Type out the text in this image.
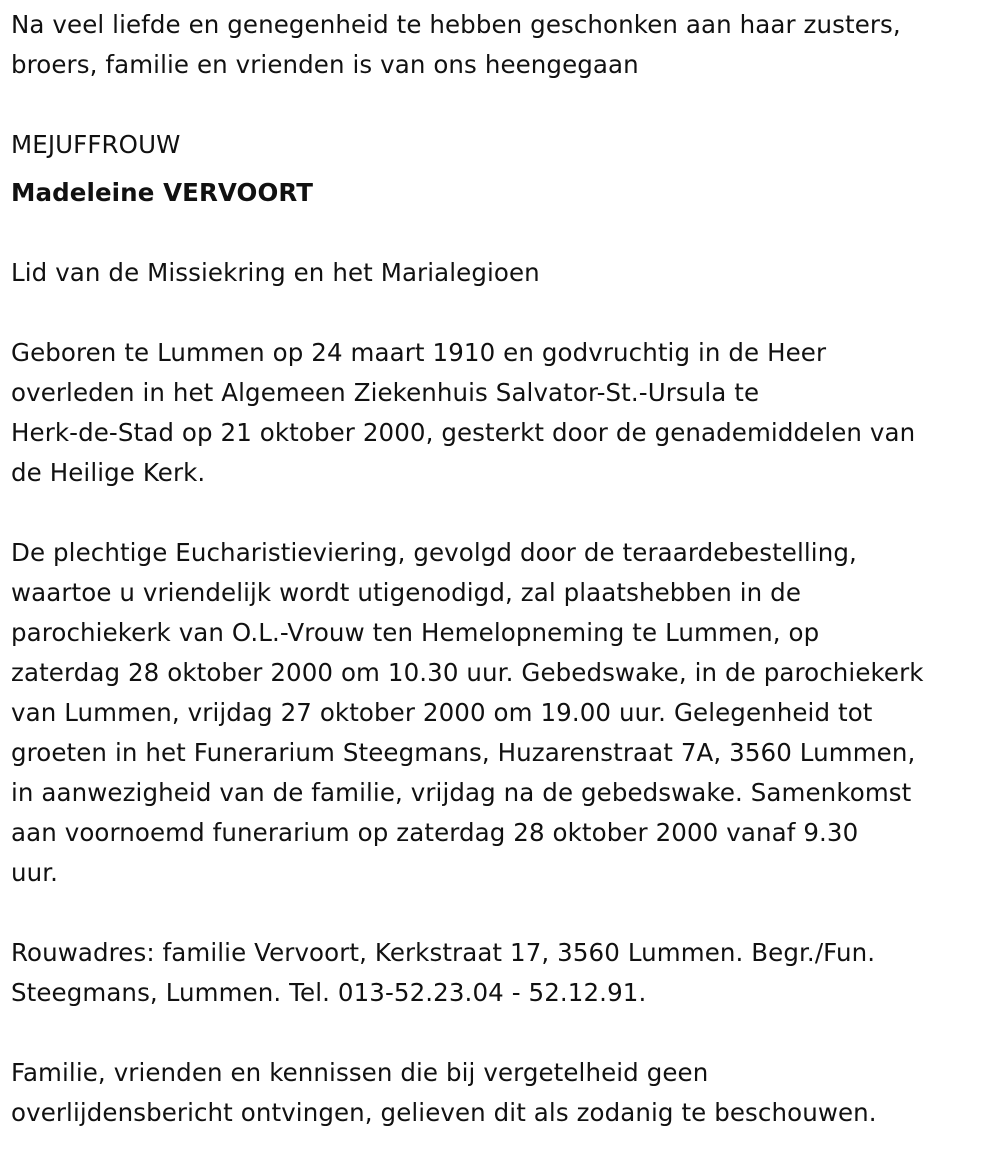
Na veel liefde en genegenheid te hebben geschonken aan haar zusters,
broers, familie en vrienden is van ons heengegaan
MEJUFFROUW
Madeleine VERVOORT
Lid van de Missiekring en het Marialegioen
Geboren te Lummen op 24 maart 1910 en godvruchtig in de Heer
overleden in het Algemeen Ziekenhuis Salvator-St.-Ursula te
Herk-de-Stad op 21 oktober 2000, gesterkt door de genademiddelen van
de Heilige Kerk.
De plechtige Eucharistieviering, gevolgd door de teraardebestelling,
waartoe u vriendelijk wordt utigenodigd, zal plaatshebben in de
parochiekerk van O.L.-Vrouw ten Hemelopneming te Lummen, op
zaterdag 28 oktober 2000 om 10.30 uur. Gebedswake, in de parochiekerk
van Lummen, vrijdag 27 oktober 2000 om 19.00 uur. Gelegenheid tot
groeten in het Funerarium Steegmans, Huzarenstraat 7A, 3560 Lummen,
in aanwezigheid van de familie, vrijdag na de gebedswake. Samenkomst
aan voornoemd funerarium op zaterdag 28 oktober 2000 vanaf 9.30
uur.
Rouwadres: familie Vervoort, Kerkstraat 17, 3560 Lummen. Begr./Fun.
Steegmans, Lummen. Tel. 013-52.23.04 - 52.12.91.
Familie, vrienden en kennissen die bij vergetelheid geen
overlijdensbericht ontvingen, gelieven dit als zodanig te beschouwen.
